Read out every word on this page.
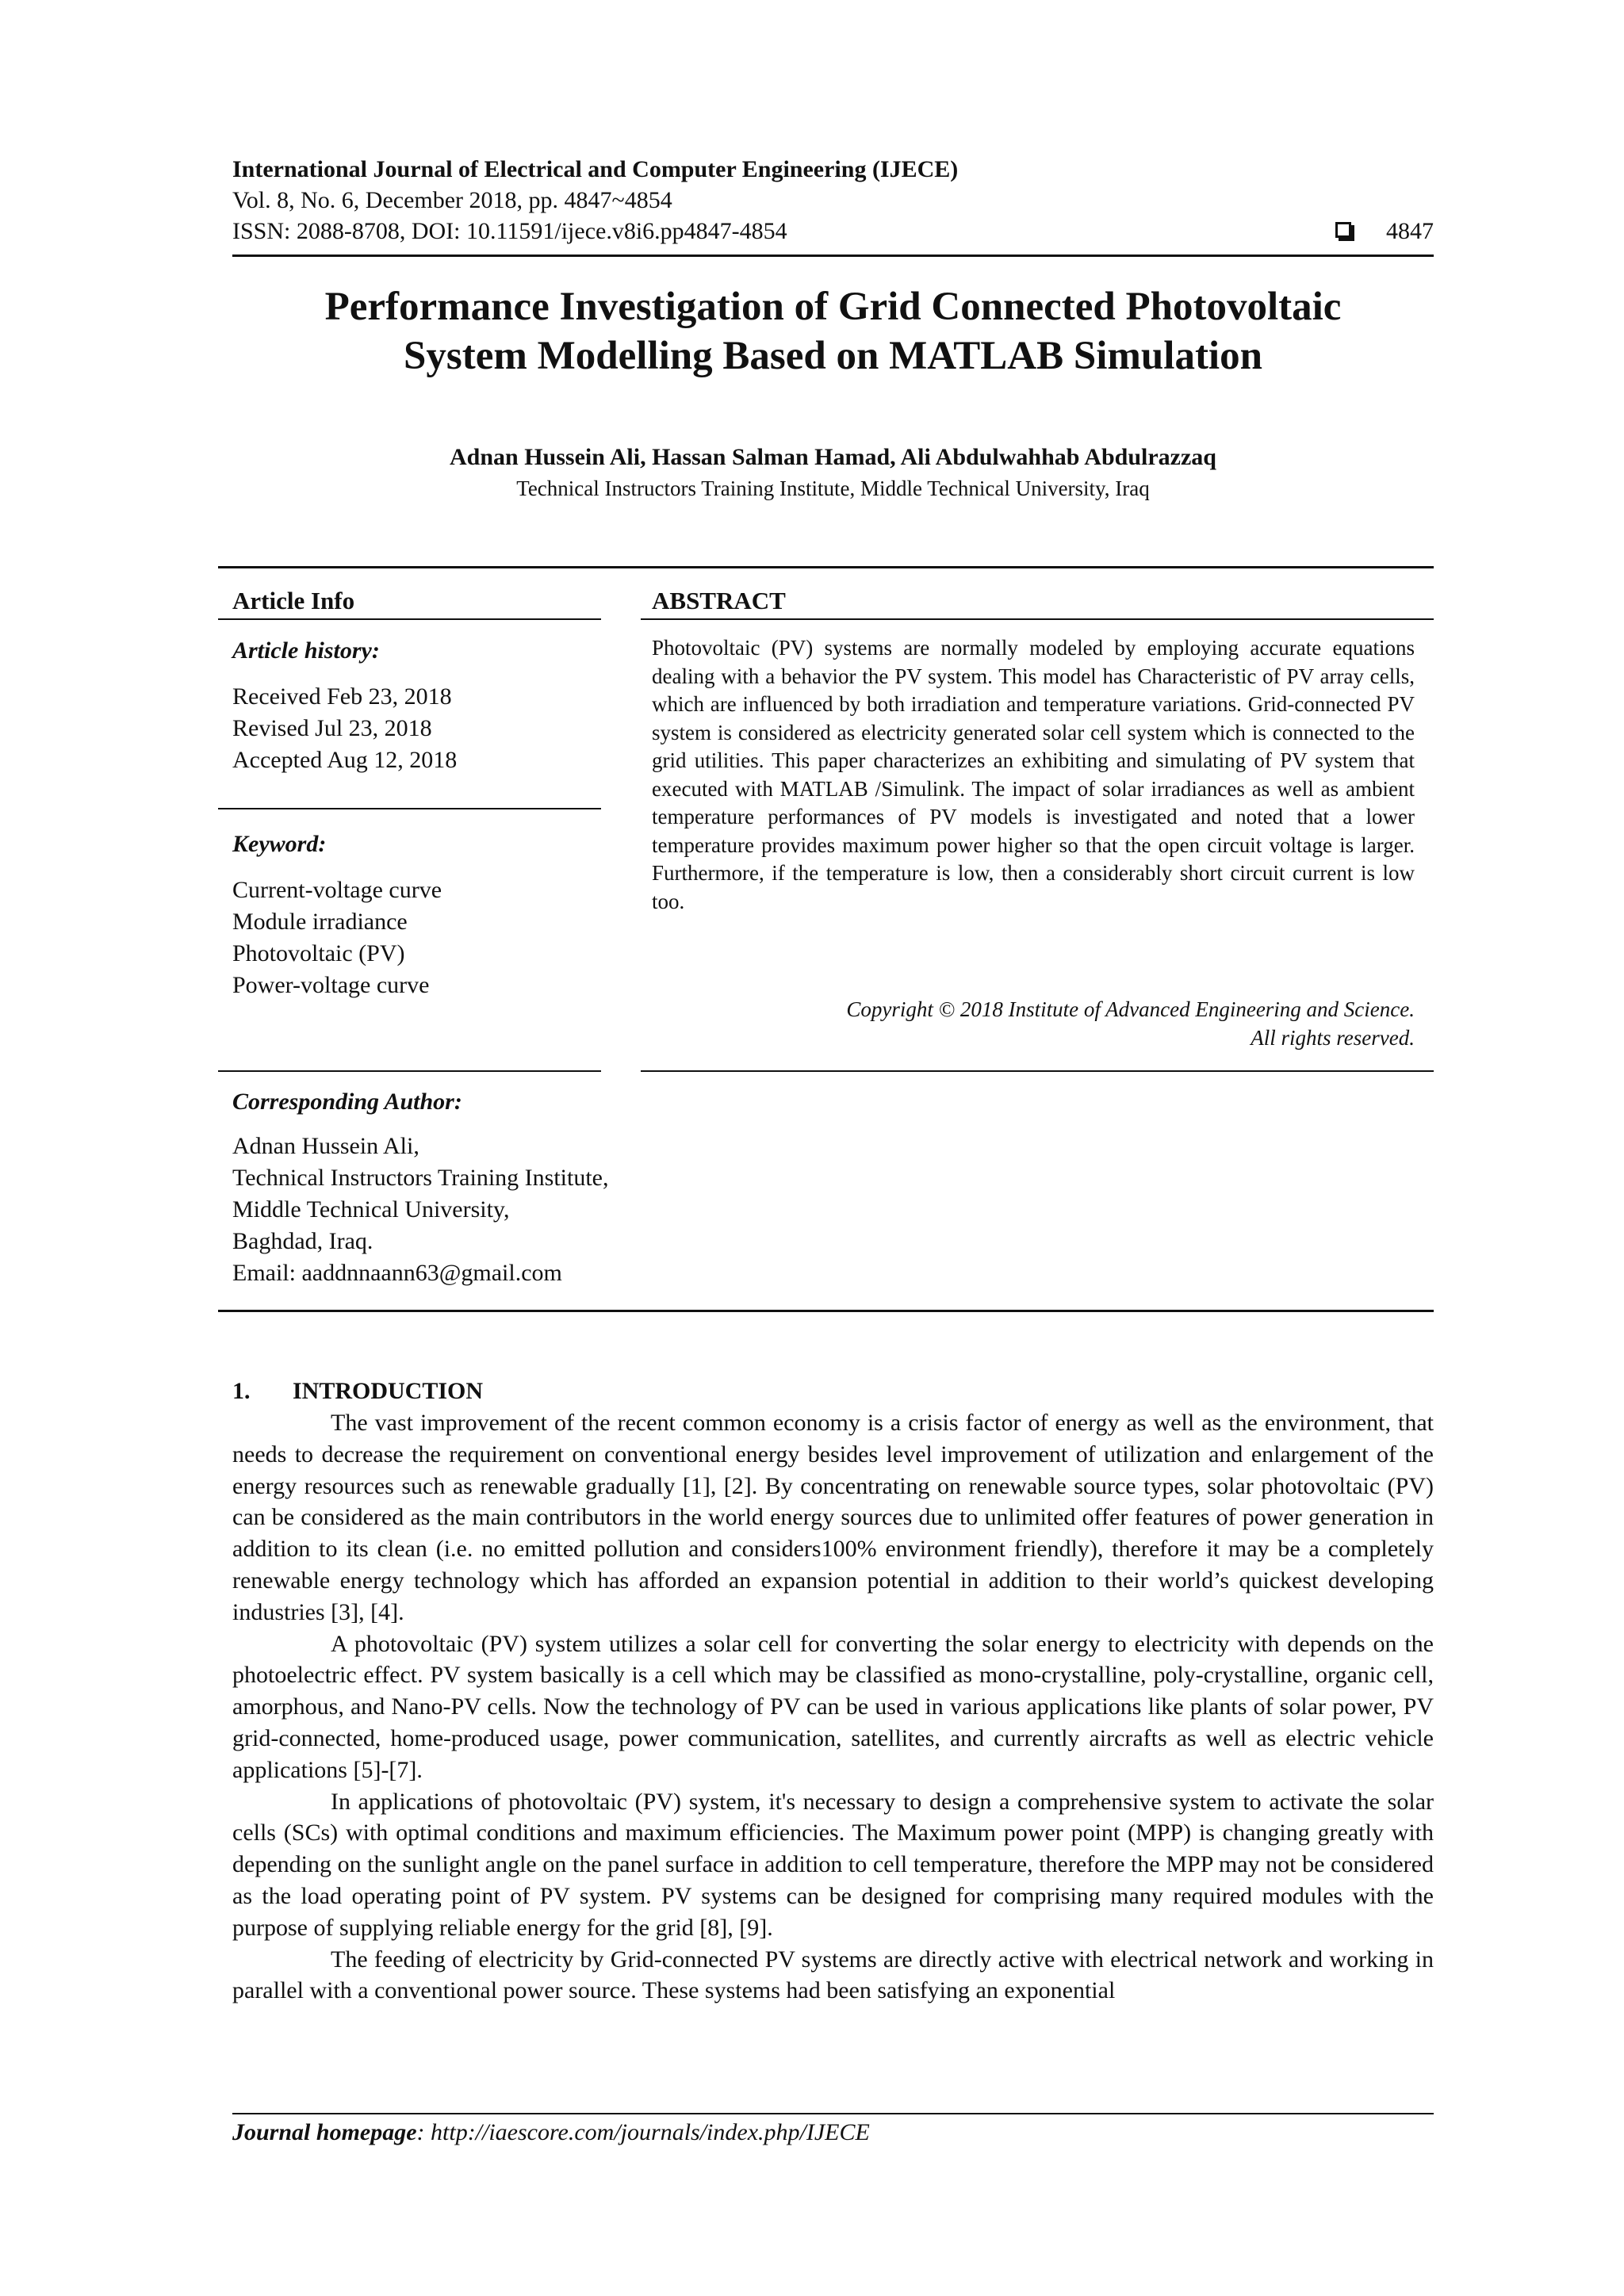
International Journal of Electrical and Computer Engineering (IJECE)
Vol. 8, No. 6, December 2018, pp. 4847~4854
ISSN: 2088-8708, DOI: 10.11591/ijece.v8i6.pp4847-4854	4847
Performance Investigation of Grid Connected Photovoltaic
System Modelling Based on MATLAB Simulation
Adnan Hussein Ali, Hassan Salman Hamad, Ali Abdulwahhab Abdulrazzaq
Technical Instructors Training Institute, Middle Technical University, Iraq
Article Info
Article history:
Received Feb 23, 2018
Revised Jul 23, 2018
Accepted Aug 12, 2018
Keyword:
Current-voltage curve
Module irradiance
Photovoltaic (PV)
Power-voltage curve
ABSTRACT
Photovoltaic (PV) systems are normally modeled by employing accurate equations dealing with a behavior the PV system. This model has Characteristic of PV array cells, which are influenced by both irradiation and temperature variations. Grid-connected PV system is considered as electricity generated solar cell system which is connected to the grid utilities. This paper characterizes an exhibiting and simulating of PV system that executed with MATLAB /Simulink. The impact of solar irradiances as well as ambient temperature performances of PV models is investigated and noted that a lower temperature provides maximum power higher so that the open circuit voltage is larger. Furthermore, if the temperature is low, then a considerably short circuit current is low too.
Copyright © 2018 Institute of Advanced Engineering and Science.
All rights reserved.
Corresponding Author:
Adnan Hussein Ali,
Technical Instructors Training Institute,
Middle Technical University,
Baghdad, Iraq.
Email: aaddnnaann63@gmail.com
1. INTRODUCTION

The vast improvement of the recent common economy is a crisis factor of energy as well as the environment, that needs to decrease the requirement on conventional energy besides level improvement of utilization and enlargement of the energy resources such as renewable gradually [1], [2]. By concentrating on renewable source types, solar photovoltaic (PV) can be considered as the main contributors in the world energy sources due to unlimited offer features of power generation in addition to its clean (i.e. no emitted pollution and considers100% environment friendly), therefore it may be a completely renewable energy technology which has afforded an expansion potential in addition to their world’s quickest developing industries [3], [4].

A photovoltaic (PV) system utilizes a solar cell for converting the solar energy to electricity with depends on the photoelectric effect. PV system basically is a cell which may be classified as mono-crystalline, poly-crystalline, organic cell, amorphous, and Nano-PV cells. Now the technology of PV can be used in various applications like plants of solar power, PV grid-connected, home-produced usage, power communication, satellites, and currently aircrafts as well as electric vehicle applications [5]-[7].

In applications of photovoltaic (PV) system, it's necessary to design a comprehensive system to activate the solar cells (SCs) with optimal conditions and maximum efficiencies. The Maximum power point (MPP) is changing greatly with depending on the sunlight angle on the panel surface in addition to cell temperature, therefore the MPP may not be considered as the load operating point of PV system. PV systems can be designed for comprising many required modules with the purpose of supplying reliable energy for the grid [8], [9].

The feeding of electricity by Grid-connected PV systems are directly active with electrical network and working in parallel with a conventional power source. These systems had been satisfying an exponential

Journal homepage: http://iaescore.com/journals/index.php/IJECE
